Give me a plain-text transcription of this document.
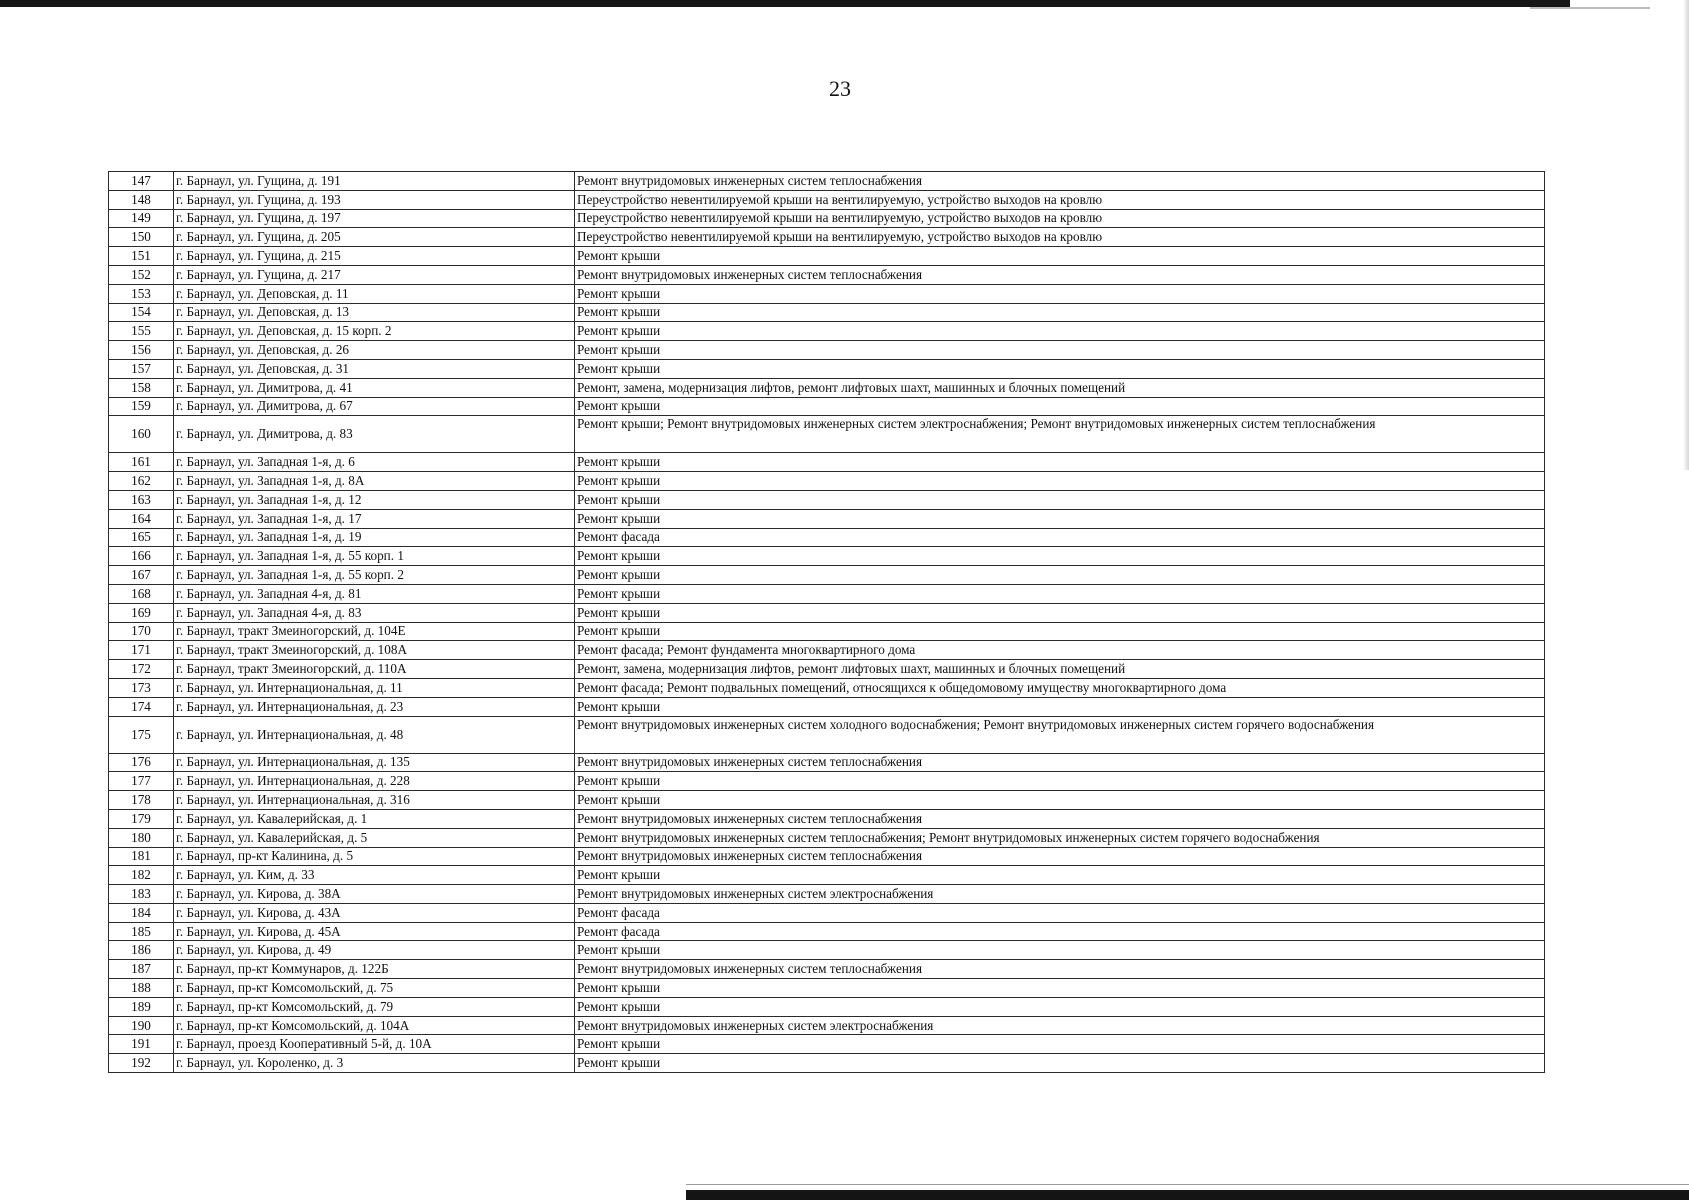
23
147	г. Барнаул, ул. Гущина, д. 191	Ремонт внутридомовых инженерных систем теплоснабжения
148	г. Барнаул, ул. Гущина, д. 193	Переустройство невентилируемой крыши на вентилируемую, устройство выходов на кровлю
149	г. Барнаул, ул. Гущина, д. 197	Переустройство невентилируемой крыши на вентилируемую, устройство выходов на кровлю
150	г. Барнаул, ул. Гущина, д. 205	Переустройство невентилируемой крыши на вентилируемую, устройство выходов на кровлю
151	г. Барнаул, ул. Гущина, д. 215	Ремонт крыши
152	г. Барнаул, ул. Гущина, д. 217	Ремонт внутридомовых инженерных систем теплоснабжения
153	г. Барнаул, ул. Деповская, д. 11	Ремонт крыши
154	г. Барнаул, ул. Деповская, д. 13	Ремонт крыши
155	г. Барнаул, ул. Деповская, д. 15 корп. 2	Ремонт крыши
156	г. Барнаул, ул. Деповская, д. 26	Ремонт крыши
157	г. Барнаул, ул. Деповская, д. 31	Ремонт крыши
158	г. Барнаул, ул. Димитрова, д. 41	Ремонт, замена, модернизация лифтов, ремонт лифтовых шахт, машинных и блочных помещений
159	г. Барнаул, ул. Димитрова, д. 67	Ремонт крыши
160	г. Барнаул, ул. Димитрова, д. 83	Ремонт крыши; Ремонт внутридомовых инженерных систем электроснабжения; Ремонт внутридомовых инженерных систем теплоснабжения
161	г. Барнаул, ул. Западная 1-я, д. 6	Ремонт крыши
162	г. Барнаул, ул. Западная 1-я, д. 8А	Ремонт крыши
163	г. Барнаул, ул. Западная 1-я, д. 12	Ремонт крыши
164	г. Барнаул, ул. Западная 1-я, д. 17	Ремонт крыши
165	г. Барнаул, ул. Западная 1-я, д. 19	Ремонт фасада
166	г. Барнаул, ул. Западная 1-я, д. 55 корп. 1	Ремонт крыши
167	г. Барнаул, ул. Западная 1-я, д. 55 корп. 2	Ремонт крыши
168	г. Барнаул, ул. Западная 4-я, д. 81	Ремонт крыши
169	г. Барнаул, ул. Западная 4-я, д. 83	Ремонт крыши
170	г. Барнаул, тракт Змеиногорский, д. 104Е	Ремонт крыши
171	г. Барнаул, тракт Змеиногорский, д. 108А	Ремонт фасада; Ремонт фундамента многоквартирного дома
172	г. Барнаул, тракт Змеиногорский, д. 110А	Ремонт, замена, модернизация лифтов, ремонт лифтовых шахт, машинных и блочных помещений
173	г. Барнаул, ул. Интернациональная, д. 11	Ремонт фасада; Ремонт подвальных помещений, относящихся к общедомовому имуществу многоквартирного дома
174	г. Барнаул, ул. Интернациональная, д. 23	Ремонт крыши
175	г. Барнаул, ул. Интернациональная, д. 48	Ремонт внутридомовых инженерных систем холодного водоснабжения; Ремонт внутридомовых инженерных систем горячего водоснабжения
176	г. Барнаул, ул. Интернациональная, д. 135	Ремонт внутридомовых инженерных систем теплоснабжения
177	г. Барнаул, ул. Интернациональная, д. 228	Ремонт крыши
178	г. Барнаул, ул. Интернациональная, д. 316	Ремонт крыши
179	г. Барнаул, ул. Кавалерийская, д. 1	Ремонт внутридомовых инженерных систем теплоснабжения
180	г. Барнаул, ул. Кавалерийская, д. 5	Ремонт внутридомовых инженерных систем теплоснабжения; Ремонт внутридомовых инженерных систем горячего водоснабжения
181	г. Барнаул, пр-кт Калинина, д. 5	Ремонт внутридомовых инженерных систем теплоснабжения
182	г. Барнаул, ул. Ким, д. 33	Ремонт крыши
183	г. Барнаул, ул. Кирова, д. 38А	Ремонт внутридомовых инженерных систем электроснабжения
184	г. Барнаул, ул. Кирова, д. 43А	Ремонт фасада
185	г. Барнаул, ул. Кирова, д. 45А	Ремонт фасада
186	г. Барнаул, ул. Кирова, д. 49	Ремонт крыши
187	г. Барнаул, пр-кт Коммунаров, д. 122Б	Ремонт внутридомовых инженерных систем теплоснабжения
188	г. Барнаул, пр-кт Комсомольский, д. 75	Ремонт крыши
189	г. Барнаул, пр-кт Комсомольский, д. 79	Ремонт крыши
190	г. Барнаул, пр-кт Комсомольский, д. 104А	Ремонт внутридомовых инженерных систем электроснабжения
191	г. Барнаул, проезд Кооперативный 5-й, д. 10А	Ремонт крыши
192	г. Барнаул, ул. Короленко, д. 3	Ремонт крыши
